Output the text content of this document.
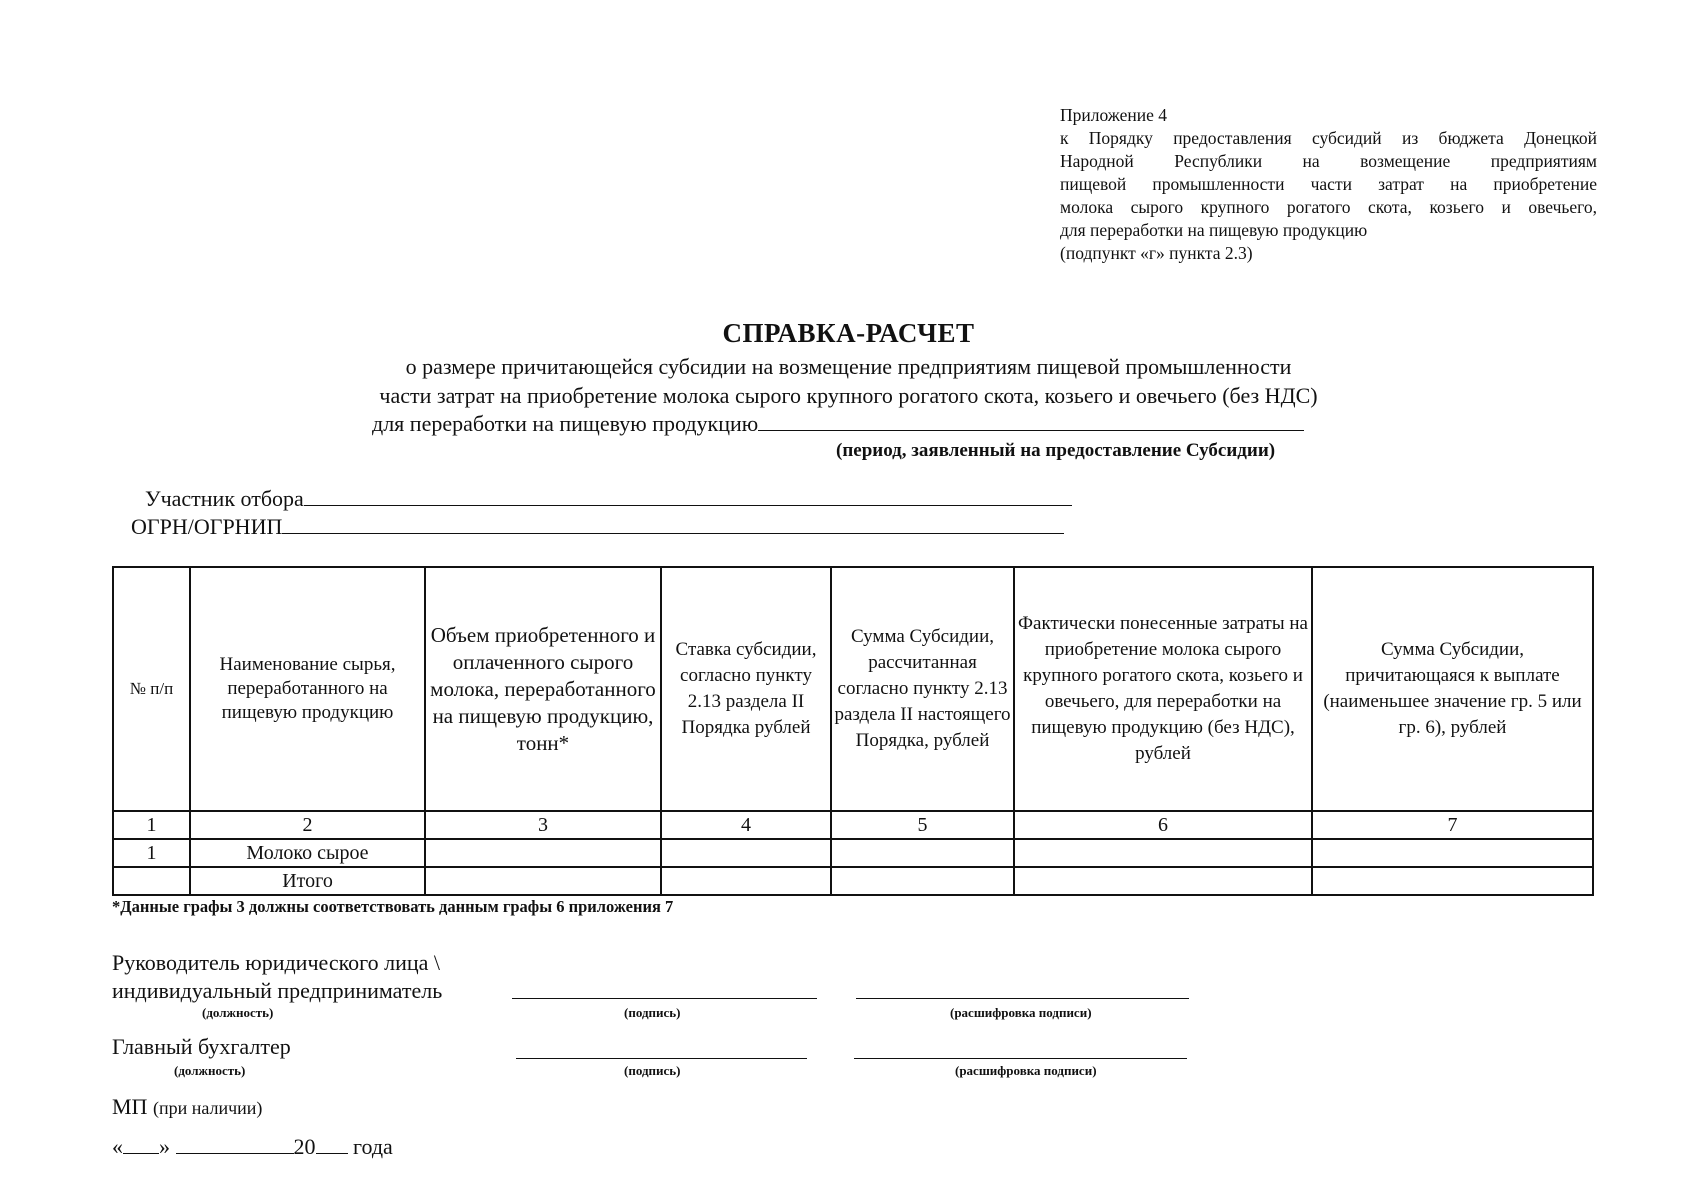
Приложение 4
к Порядку предоставления субсидий из бюджета Донецкой
Народной Республики на возмещение предприятиям
пищевой промышленности части затрат на приобретение
молока сырого крупного рогатого скота, козьего и овечьего,
для переработки на пищевую продукцию
(подпункт «г» пункта 2.3)
СПРАВКА-РАСЧЕТ
о размере причитающейся субсидии на возмещение предприятиям пищевой промышленности
части затрат на приобретение молока сырого крупного рогатого скота, козьего и овечьего (без НДС)
для переработки на пищевую продукцию
(период, заявленный на предоставление Субсидии)
Участник отбора
ОГРН/ОГРНИП
№ п/п	Наименование сырья, переработанного на пищевую продукцию	Объем приобретенного и оплаченного сырого молока, переработанного на пищевую продукцию, тонн*	Ставка субсидии, согласно пункту 2.13 раздела II Порядка рублей	Сумма Субсидии, рассчитанная согласно пункту 2.13 раздела II настоящего Порядка, рублей	Фактически понесенные затраты на приобретение молока сырого крупного рогатого скота, козьего и овечьего, для переработки на пищевую продукцию (без НДС), рублей	Сумма Субсидии, причитающаяся к выплате (наименьшее значение гр. 5 или гр. 6), рублей
1	2	3	4	5	6	7
1	Молоко сырое					
	Итого					
*Данные графы 3 должны соответствовать данным графы 6 приложения 7
Руководитель юридического лица \
индивидуальный предприниматель
(должность)	(подпись)	(расшифровка подписи)
Главный бухгалтер
(должность)	(подпись)	(расшифровка подписи)
МП (при наличии)
« »	20 года
